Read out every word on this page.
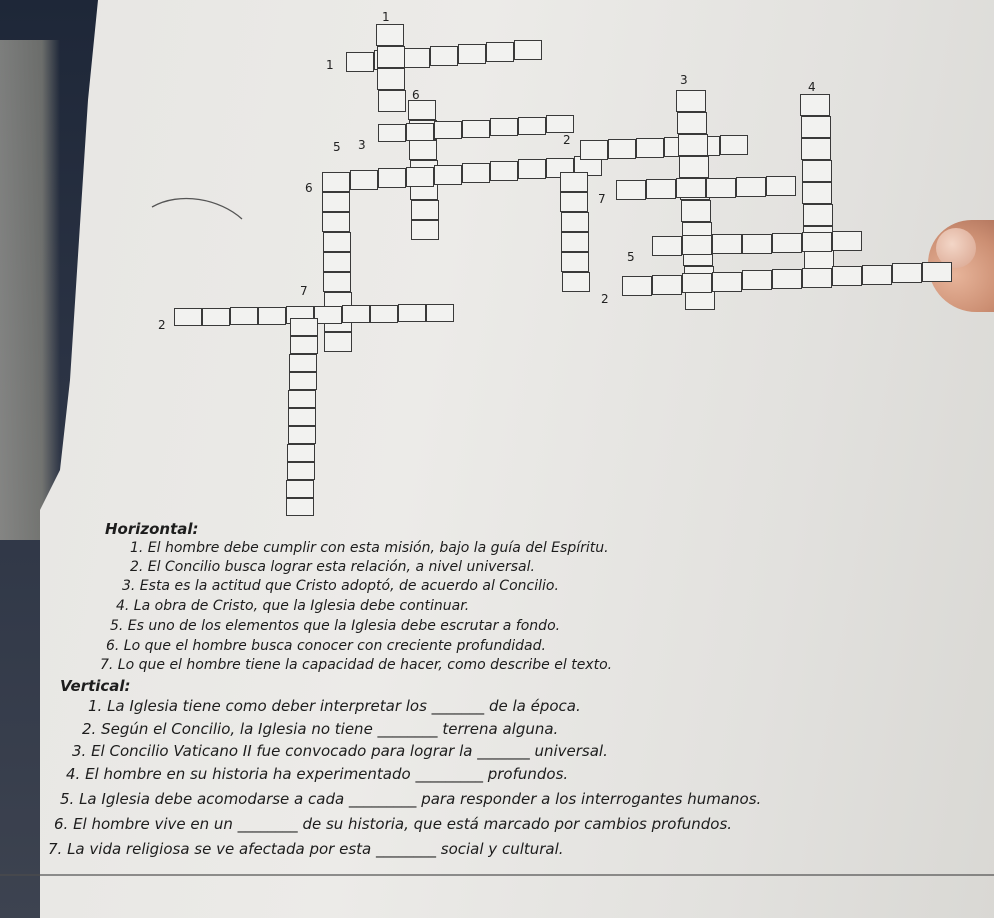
1
1
6
3	4
5 3	2
6
7
5
2
7
2
Horizontal:
1. El hombre debe cumplir con esta misión, bajo la guía del Espíritu.
2. El Concilio busca lograr esta relación, a nivel universal.
3. Esta es la actitud que Cristo adoptó, de acuerdo al Concilio.
4. La obra de Cristo, que la Iglesia debe continuar.
5. Es uno de los elementos que la Iglesia debe escrutar a fondo.
6. Lo que el hombre busca conocer con creciente profundidad.
7. Lo que el hombre tiene la capacidad de hacer, como describe el texto.
Vertical:
1. La Iglesia tiene como deber interpretar los _______ de la época.
2. Según el Concilio, la Iglesia no tiene ________ terrena alguna.
3. El Concilio Vaticano II fue convocado para lograr la _______ universal.
4. El hombre en su historia ha experimentado _________ profundos.
5. La Iglesia debe acomodarse a cada _________ para responder a los interrogantes humanos.
6. El hombre vive en un ________ de su historia, que está marcado por cambios profundos.
7. La vida religiosa se ve afectada por esta ________ social y cultural.
